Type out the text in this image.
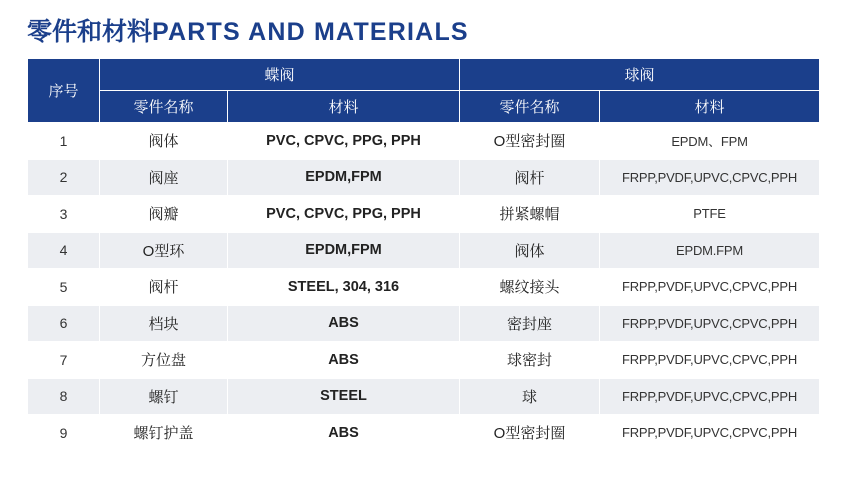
零件和材料PARTS AND MATERIALS
序号	蝶阀		球阀	
	零件名称	材料	零件名称	材料
1	阀体	PVC, CPVC, PPG, PPH	O型密封圈	EPDM、FPM
2	阀座	EPDM,FPM	阀杆	FRPP,PVDF,UPVC,CPVC,PPH
3	阀瓣	PVC, CPVC, PPG, PPH	拼紧螺帽	PTFE
4	O型环	EPDM,FPM	阀体	EPDM.FPM
5	阀杆	STEEL, 304, 316	螺纹接头	FRPP,PVDF,UPVC,CPVC,PPH
6	档块	ABS	密封座	FRPP,PVDF,UPVC,CPVC,PPH
7	方位盘	ABS	球密封	FRPP,PVDF,UPVC,CPVC,PPH
8	螺钉	STEEL	球	FRPP,PVDF,UPVC,CPVC,PPH
9	螺钉护盖	ABS	O型密封圈	FRPP,PVDF,UPVC,CPVC,PPH
